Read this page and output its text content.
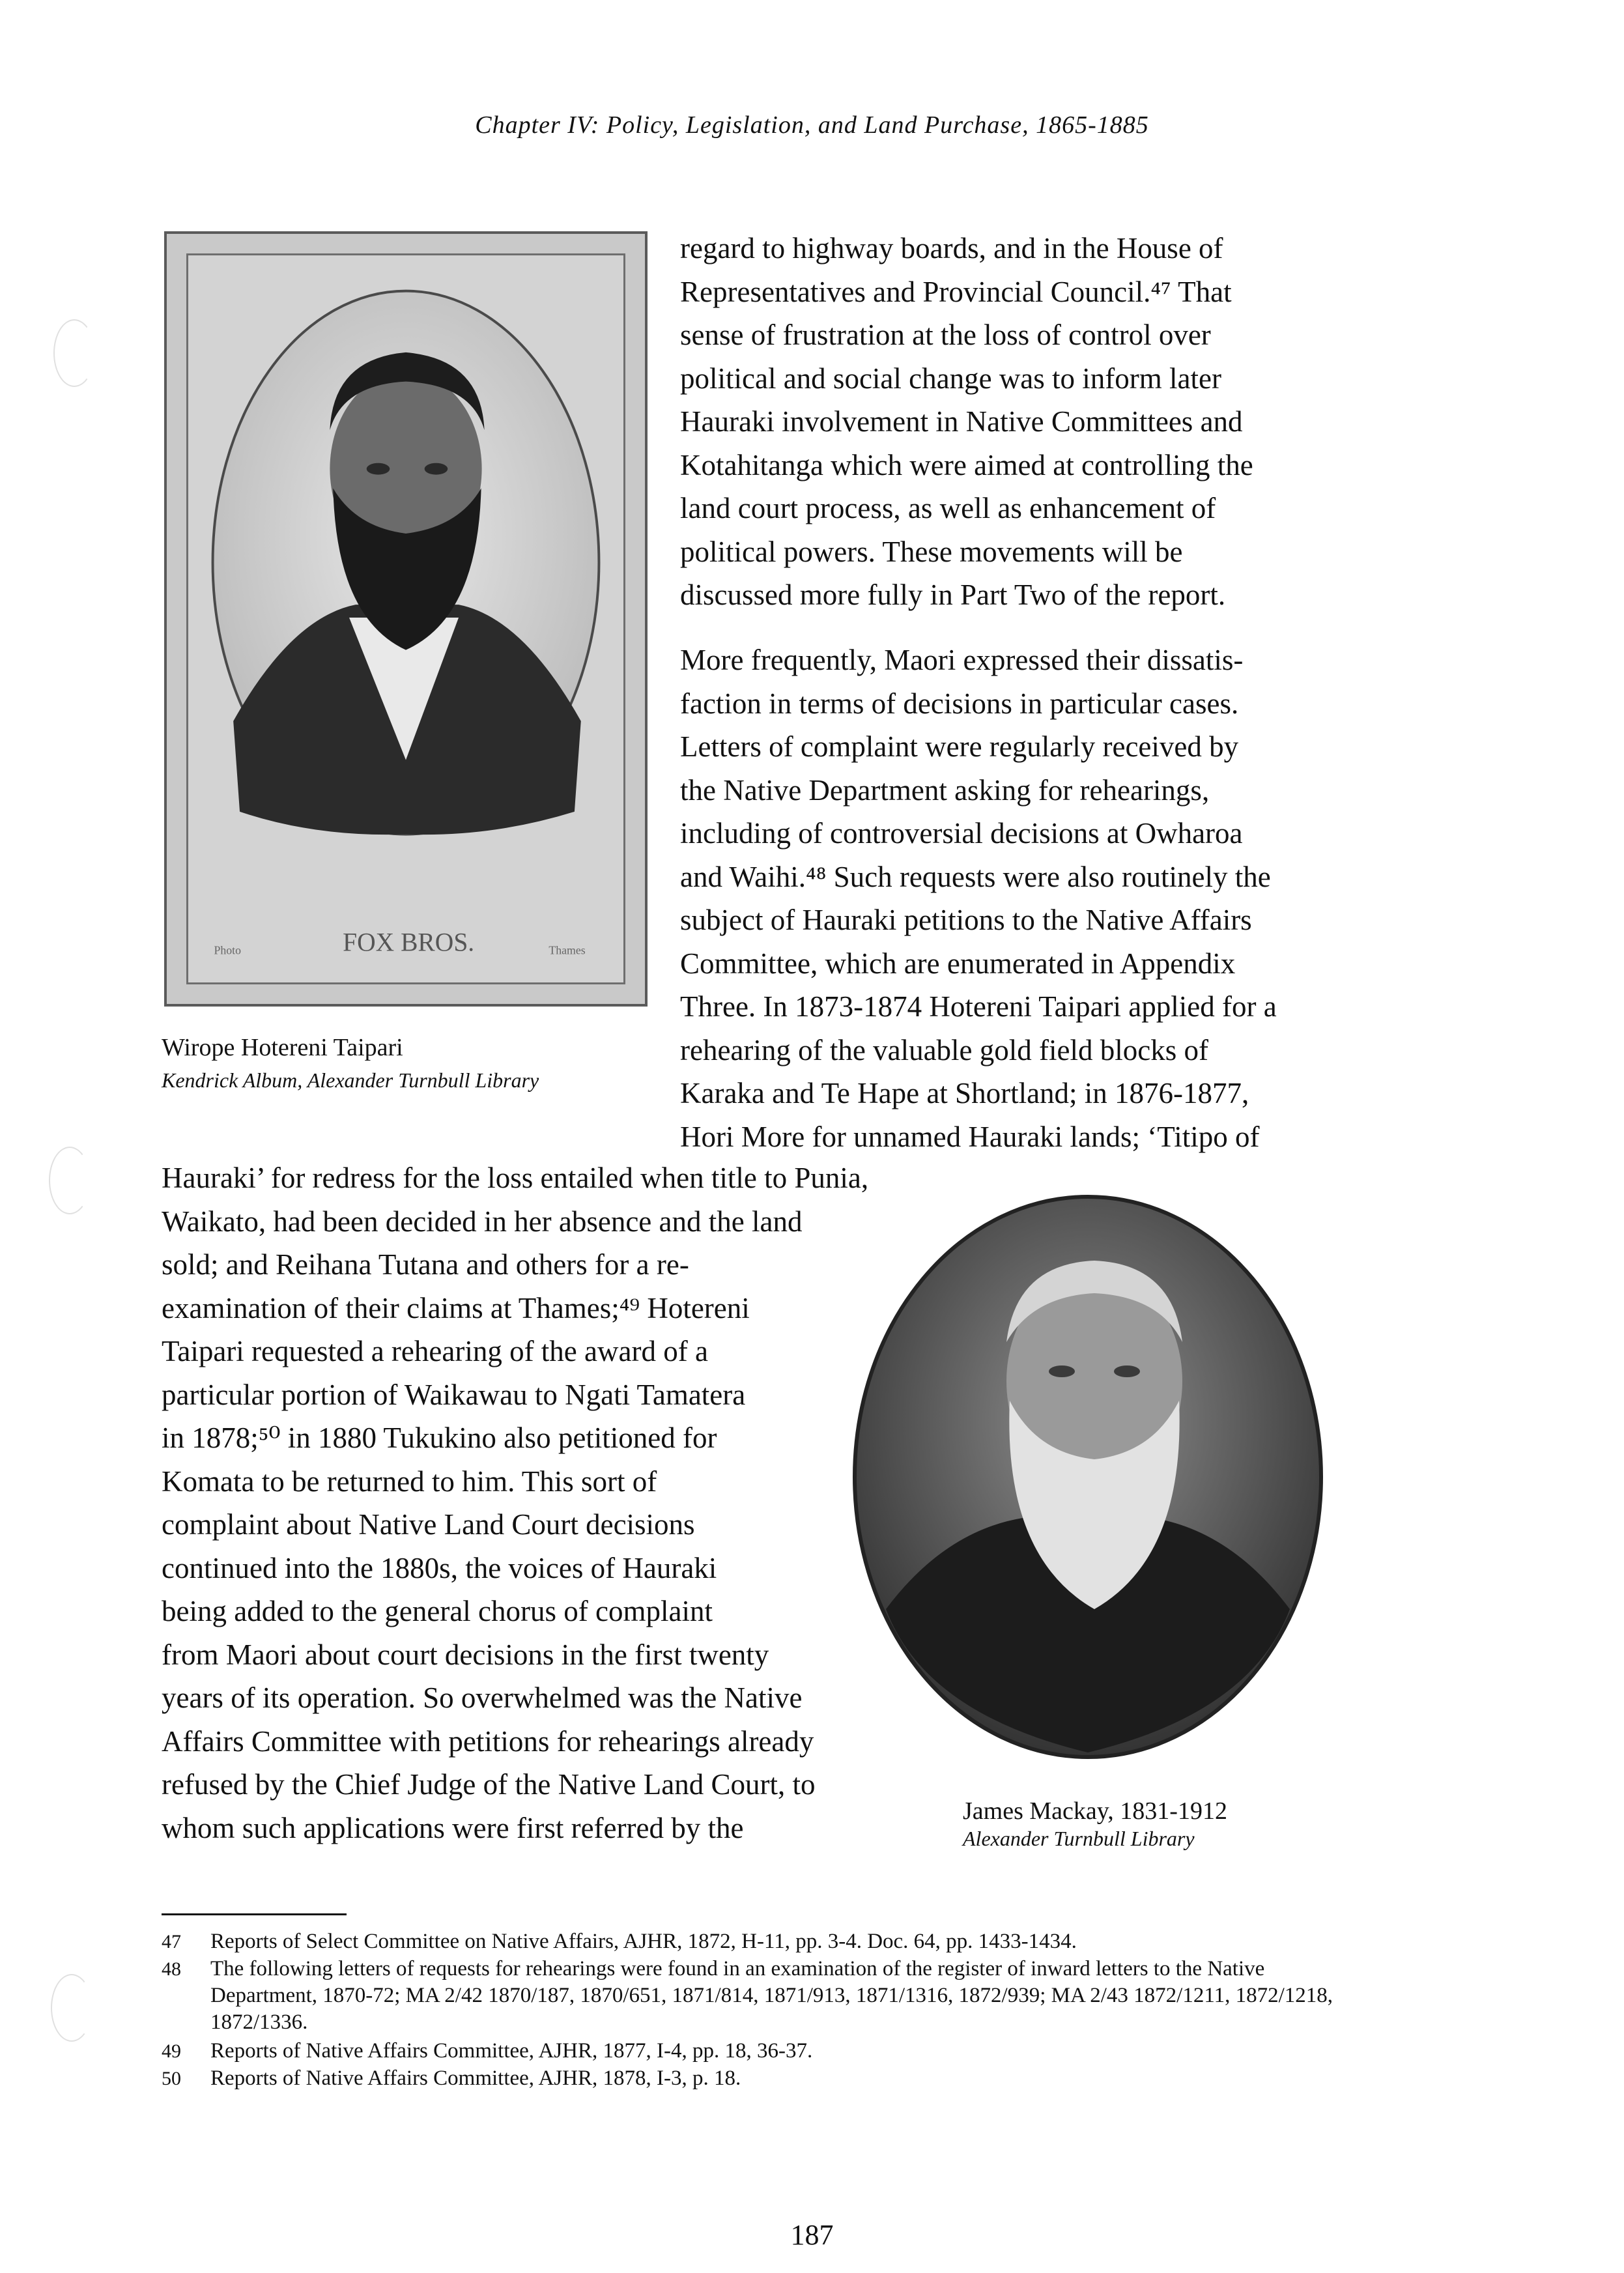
Chapter IV: Policy, Legislation, and Land Purchase, 1865-1885
FOX BROS.
Photo	Thames
Wirope Hotereni Taipari
Kendrick Album, Alexander Turnbull Library
regard to highway boards, and in the House of
Representatives and Provincial Council.⁴⁷ That
sense of frustration at the loss of control over
political and social change was to inform later
Hauraki involvement in Native Committees and
Kotahitanga which were aimed at controlling the
land court process, as well as enhancement of
political powers. These movements will be
discussed more fully in Part Two of the report.
More frequently, Maori expressed their dissatis-
faction in terms of decisions in particular cases.
Letters of complaint were regularly received by
the Native Department asking for rehearings,
including of controversial decisions at Owharoa
and Waihi.⁴⁸ Such requests were also routinely the
subject of Hauraki petitions to the Native Affairs
Committee, which are enumerated in Appendix
Three. In 1873-1874 Hotereni Taipari applied for a
rehearing of the valuable gold field blocks of
Karaka and Te Hape at Shortland; in 1876-1877,
Hori More for unnamed Hauraki lands; ‘Titipo of
Hauraki’ for redress for the loss entailed when title to Punia,
Waikato, had been decided in her absence and the land
sold; and Reihana Tutana and others for a re-
examination of their claims at Thames;⁴⁹ Hotereni
Taipari requested a rehearing of the award of a
particular portion of Waikawau to Ngati Tamatera
in 1878;⁵⁰ in 1880 Tukukino also petitioned for
Komata to be returned to him. This sort of
complaint about Native Land Court decisions
continued into the 1880s, the voices of Hauraki
being added to the general chorus of complaint
from Maori about court decisions in the first twenty
years of its operation. So overwhelmed was the Native
Affairs Committee with petitions for rehearings already
refused by the Chief Judge of the Native Land Court, to
whom such applications were first referred by the
James Mackay, 1831-1912
Alexander Turnbull Library
47 Reports of Select Committee on Native Affairs, AJHR, 1872, H-11, pp. 3-4. Doc. 64, pp. 1433-1434.
48 The following letters of requests for rehearings were found in an examination of the register of inward letters to the Native Department, 1870-72; MA 2/42 1870/187, 1870/651, 1871/814, 1871/913, 1871/1316, 1872/939; MA 2/43 1872/1211, 1872/1218, 1872/1336.
49 Reports of Native Affairs Committee, AJHR, 1877, I-4, pp. 18, 36-37.
50 Reports of Native Affairs Committee, AJHR, 1878, I-3, p. 18.
187
